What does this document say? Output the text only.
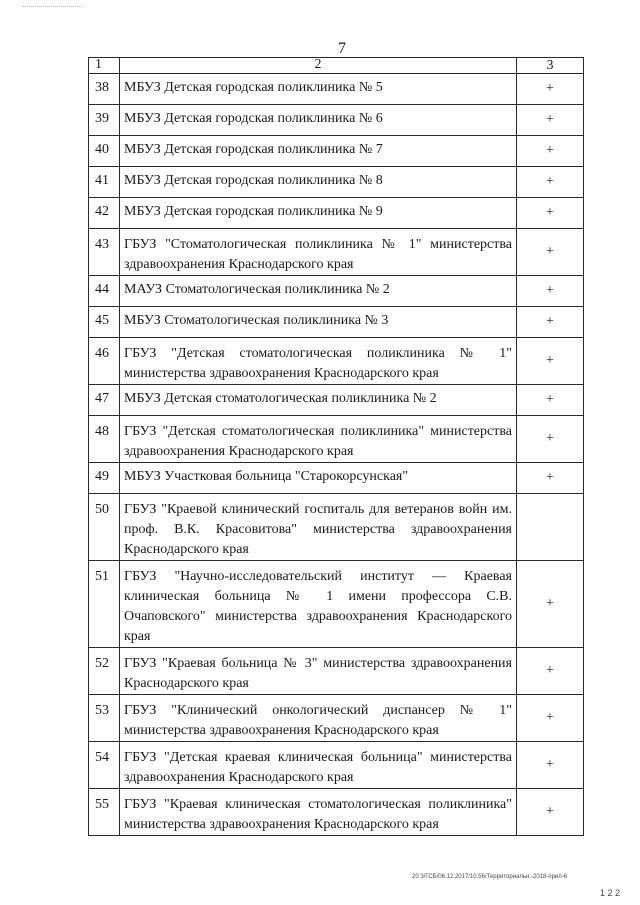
7
1	2	3
38	МБУЗ Детская городская поликлиника № 5	+
39	МБУЗ Детская городская поликлиника № 6	+
40	МБУЗ Детская городская поликлиника № 7	+
41	МБУЗ Детская городская поликлиника № 8	+
42	МБУЗ Детская городская поликлиника № 9	+
43	ГБУЗ "Стоматологическая поликлиника № 1" министерства здравоохранения Краснодарского края	+
44	МАУЗ Стоматологическая поликлиника № 2	+
45	МБУЗ Стоматологическая поликлиника № 3	+
46	ГБУЗ "Детская стоматологическая поликлиника № 1" министерства здравоохранения Краснодарского края	+
47	МБУЗ Детская стоматологическая поликлиника № 2	+
48	ГБУЗ "Детская стоматологическая поликлиника" министерства здравоохранения Краснодарского края	+
49	МБУЗ Участковая больница "Старокорсунская"	+
50	ГБУЗ "Краевой клинический госпиталь для ветеранов войн им. проф. В.К. Красовитова" министерства здравоохранения Краснодарского края	
51	ГБУЗ "Научно-исследовательский институт — Краевая клиническая больница № 1 имени профессора С.В. Очаповского" министерства здравоохранения Краснодарского края	+
52	ГБУЗ "Краевая больница № 3" министерства здравоохранения Краснодарского края	+
53	ГБУЗ "Клинический онкологический диспансер № 1" министерства здравоохранения Краснодарского края	+
54	ГБУЗ "Детская краевая клиническая больница" министерства здравоохранения Краснодарского края	+
55	ГБУЗ "Краевая клиническая стоматологическая поликлиника" министерства здравоохранения Краснодарского края	+
20 3/ГСБ/06.12.2017/10:56/Территориальн.-2018-прил-6
1 2 2
